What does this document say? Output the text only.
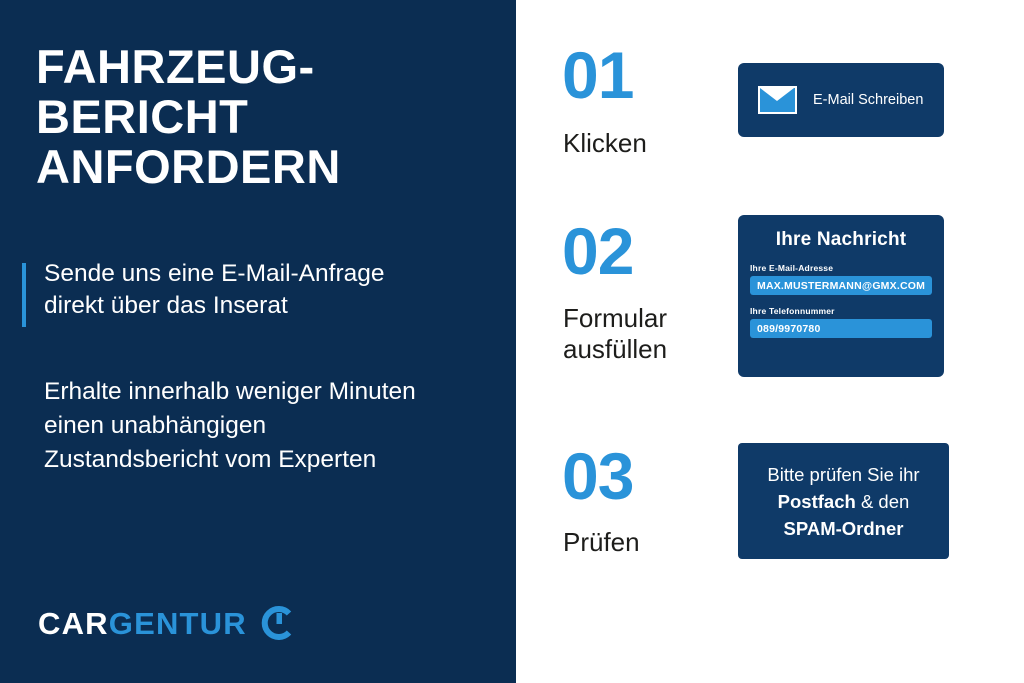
FAHRZEUG-
BERICHT
ANFORDERN
Sende uns eine E-Mail-Anfrage
direkt über das Inserat
Erhalte innerhalb weniger Minuten
einen unabhängigen
Zustandsbericht vom Experten
CARGENTUR
01
Klicken
E-Mail Schreiben
02
Formular
ausfüllen
Ihre Nachricht
Ihre E-Mail-Adresse
MAX.MUSTERMANN@GMX.COM
Ihre Telefonnummer
089/9970780
03
Prüfen
Bitte prüfen Sie ihr
Postfach & den
SPAM-Ordner
